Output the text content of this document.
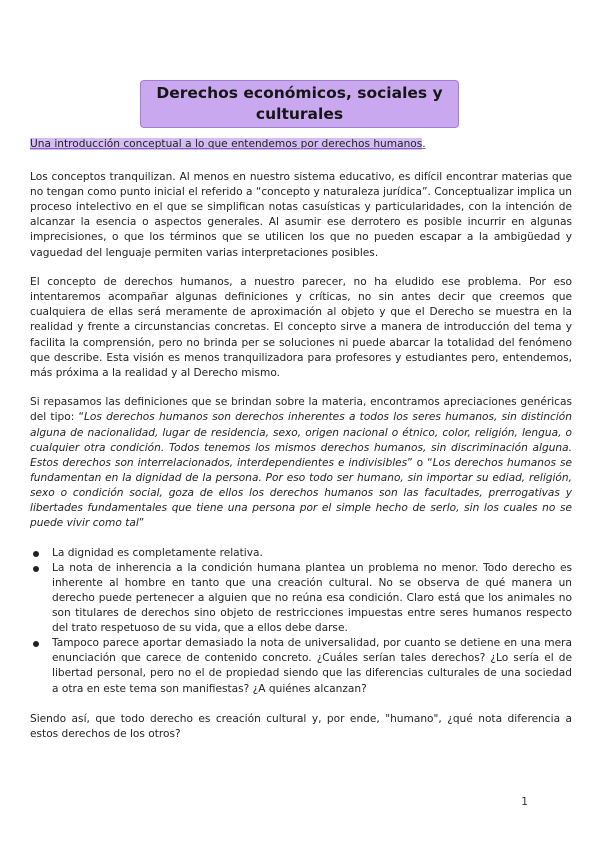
Derechos económicos, sociales y culturales

Una introducción conceptual a lo que entendemos por derechos humanos.

Los conceptos tranquilizan. Al menos en nuestro sistema educativo, es difícil encontrar materias que no tengan como punto inicial el referido a “concepto y naturaleza jurídica”. Conceptualizar implica un proceso intelectivo en el que se simplifican notas casuísticas y particularidades, con la intención de alcanzar la esencia o aspectos generales. Al asumir ese derrotero es posible incurrir en algunas imprecisiones, o que los términos que se utilicen los que no pueden escapar a la ambigüedad y vaguedad del lenguaje permiten varias interpretaciones posibles.

El concepto de derechos humanos, a nuestro parecer, no ha eludido ese problema. Por eso intentaremos acompañar algunas definiciones y críticas, no sin antes decir que creemos que cualquiera de ellas será meramente de aproximación al objeto y que el Derecho se muestra en la realidad y frente a circunstancias concretas. El concepto sirve a manera de introducción del tema y facilita la comprensión, pero no brinda per se soluciones ni puede abarcar la totalidad del fenómeno que describe. Esta visión es menos tranquilizadora para profesores y estudiantes pero, entendemos, más próxima a la realidad y al Derecho mismo.

Si repasamos las definiciones que se brindan sobre la materia, encontramos apreciaciones genéricas del tipo: “Los derechos humanos son derechos inherentes a todos los seres humanos, sin distinción alguna de nacionalidad, lugar de residencia, sexo, origen nacional o étnico, color, religión, lengua, o cualquier otra condición. Todos tenemos los mismos derechos humanos, sin discriminación alguna. Estos derechos son interrelacionados, interdependientes e indivisibles” o “Los derechos humanos se fundamentan en la dignidad de la persona. Por eso todo ser humano, sin importar su ediad, religión, sexo o condición social, goza de ellos los derechos humanos son las facultades, prerrogativas y libertades fundamentales que tiene una persona por el simple hecho de serlo, sin los cuales no se puede vivir como tal”

La dignidad es completamente relativa.
La nota de inherencia a la condición humana plantea un problema no menor. Todo derecho es inherente al hombre en tanto que una creación cultural. No se observa de qué manera un derecho puede pertenecer a alguien que no reúna esa condición. Claro está que los animales no son titulares de derechos sino objeto de restricciones impuestas entre seres humanos respecto del trato respetuoso de su vida, que a ellos debe darse.
Tampoco parece aportar demasiado la nota de universalidad, por cuanto se detiene en una mera enunciación que carece de contenido concreto. ¿Cuáles serían tales derechos? ¿Lo sería el de libertad personal, pero no el de propiedad siendo que las diferencias culturales de una sociedad a otra en este tema son manifiestas? ¿A quiénes alcanzan?

Siendo así, que todo derecho es creación cultural y, por ende, "humano", ¿qué nota diferencia a estos derechos de los otros?

1
